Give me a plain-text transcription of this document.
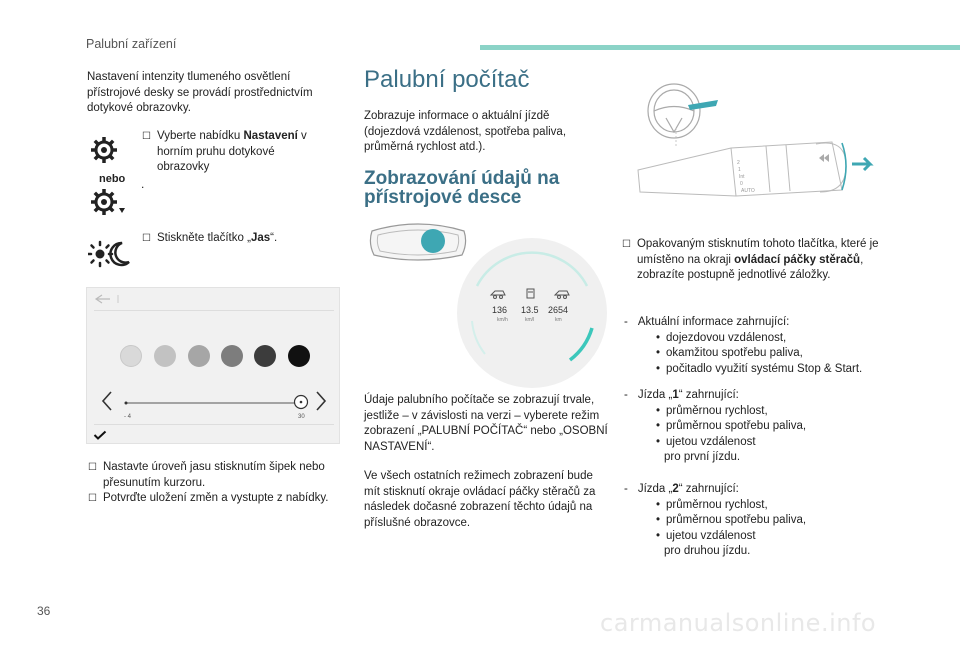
Palubní zařízení
Nastavení intenzity tlumeného osvětlení přístrojové desky se provádí prostřednictvím dotykové obrazovky.
nebo .
☐ Vyberte nabídku Nastavení v horním pruhu dotykové obrazovky
☐ Stiskněte tlačítko „Jas“.
- 4	30
☐ Nastavte úroveň jasu stisknutím šipek nebo přesunutím kurzoru.
☐ Potvrďte uložení změn a vystupte z nabídky.
Palubní počítač
Zobrazuje informace o aktuální jízdě (dojezdová vzdálenost, spotřeba paliva, průměrná rychlost atd.).
Zobrazování údajů na přístrojové desce
136 13.5 2654
km/h	km/l	km
Údaje palubního počítače se zobrazují trvale, jestliže – v závislosti na verzi – vyberete režim zobrazení „PALUBNÍ POČÍTAČ“ nebo „OSOBNÍ NASTAVENÍ“.
Ve všech ostatních režimech zobrazení bude mít stisknutí okraje ovládací páčky stěračů za následek dočasné zobrazení těchto údajů na příslušné obrazovce.
2
1
Int
0
AUTO
☐ Opakovaným stisknutím tohoto tlačítka, které je umístěno na okraji ovládací páčky stěračů, zobrazíte postupně jednotlivé záložky.
- Aktuální informace zahrnující:
• dojezdovou vzdálenost,
• okamžitou spotřebu paliva,
• počitadlo využití systému Stop & Start.
- Jízda „1“ zahrnující:
• průměrnou rychlost,
• průměrnou spotřebu paliva,
• ujetou vzdálenost
pro první jízdu.
- Jízda „2“ zahrnující:
• průměrnou rychlost,
• průměrnou spotřebu paliva,
• ujetou vzdálenost
pro druhou jízdu.
36	carmanualsonline.info
